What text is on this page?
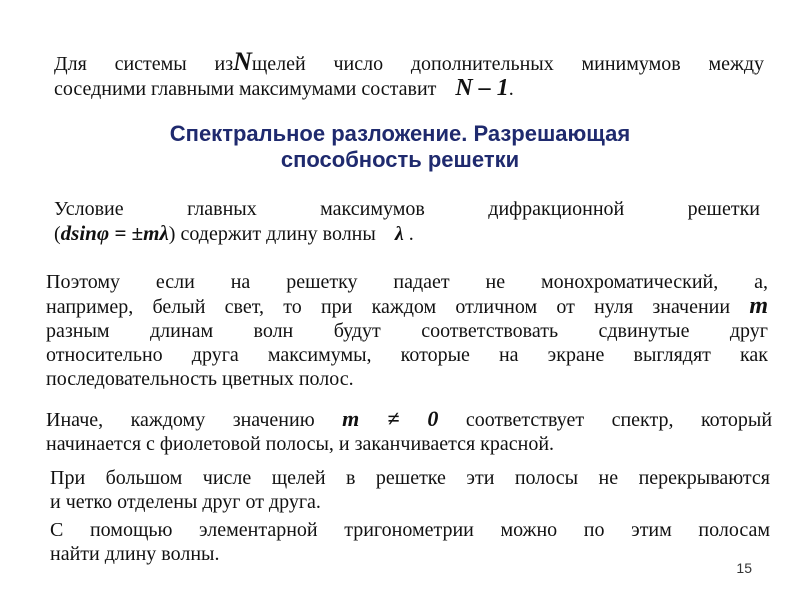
Для системы изNщелей число дополнительных минимумов между
соседними главными максимумами составит N – 1.
Спектральное разложение. Разрешающая
способность решетки
Условие главных максимумов дифракционной решетки
(dsinφ = ±mλ) содержит длину волны λ .
Поэтому если на решетку падает не монохроматический, а,
например, белый свет, то при каждом отличном от нуля значении m
разным длинам волн будут соответствовать сдвинутые друг
относительно друга максимумы, которые на экране выглядят как
последовательность цветных полос.
Иначе, каждому значению m ≠ 0 соответствует спектр, который
начинается с фиолетовой полосы, и заканчивается красной.
При большом числе щелей в решетке эти полосы не перекрываются
и четко отделены друг от друга.
С помощью элементарной тригонометрии можно по этим полосам
найти длину волны.
15
